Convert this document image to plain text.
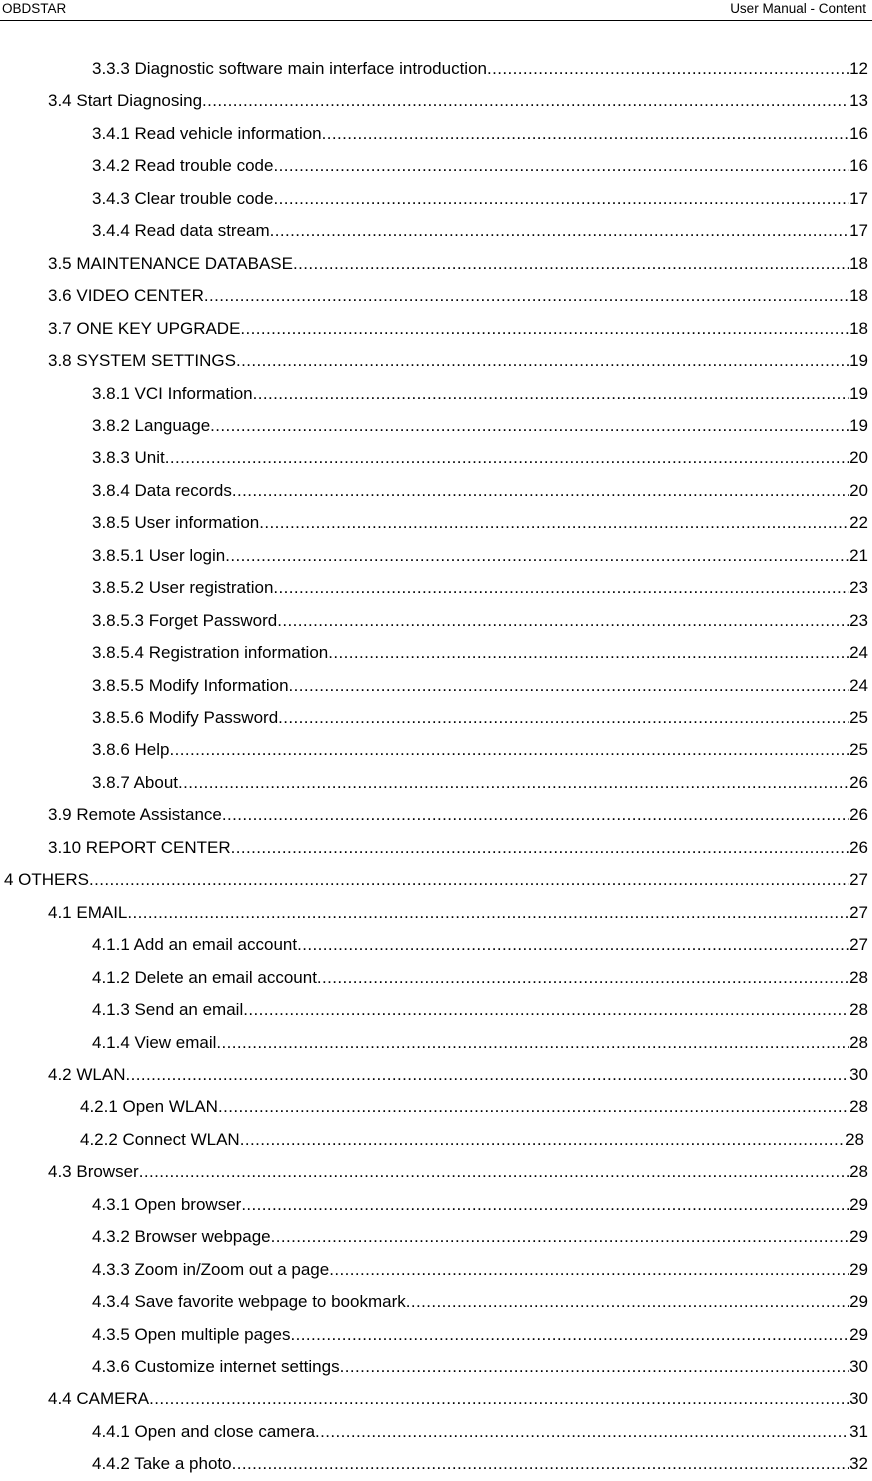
OBDSTAR	User Manual - Content
3.3.3 Diagnostic software main interface introduction .....	12
3.4 Start Diagnosing .....	13
3.4.1 Read vehicle information .....	16
3.4.2 Read trouble code .....	16
3.4.3 Clear trouble code .....	17
3.4.4 Read data stream .....	17
3.5 MAINTENANCE DATABASE .....	18
3.6 VIDEO CENTER .....	18
3.7 ONE KEY UPGRADE .....	18
3.8 SYSTEM SETTINGS .....	19
3.8.1 VCI Information .....	19
3.8.2 Language .....	19
3.8.3 Unit .....	20
3.8.4 Data records .....	20
3.8.5 User information .....	22
3.8.5.1 User login .....	21
3.8.5.2 User registration .....	23
3.8.5.3 Forget Password .....	23
3.8.5.4 Registration information .....	24
3.8.5.5 Modify Information .....	24
3.8.5.6 Modify Password .....	25
3.8.6 Help .....	25
3.8.7 About .....	26
3.9 Remote Assistance .....	26
3.10 REPORT CENTER .....	26
4 OTHERS .....	27
4.1 EMAIL .....	27
4.1.1 Add an email account .....	27
4.1.2 Delete an email account .....	28
4.1.3 Send an email .....	28
4.1.4 View email .....	28
4.2 WLAN .....	30
4.2.1 Open WLAN .....	28
4.2.2 Connect WLAN .....	28
4.3 Browser .....	28
4.3.1 Open browser .....	29
4.3.2 Browser webpage .....	29
4.3.3 Zoom in/Zoom out a page .....	29
4.3.4 Save favorite webpage to bookmark .....	29
4.3.5 Open multiple pages .....	29
4.3.6 Customize internet settings .....	30
4.4 CAMERA .....	30
4.4.1 Open and close camera .....	31
4.4.2 Take a photo .....	32
